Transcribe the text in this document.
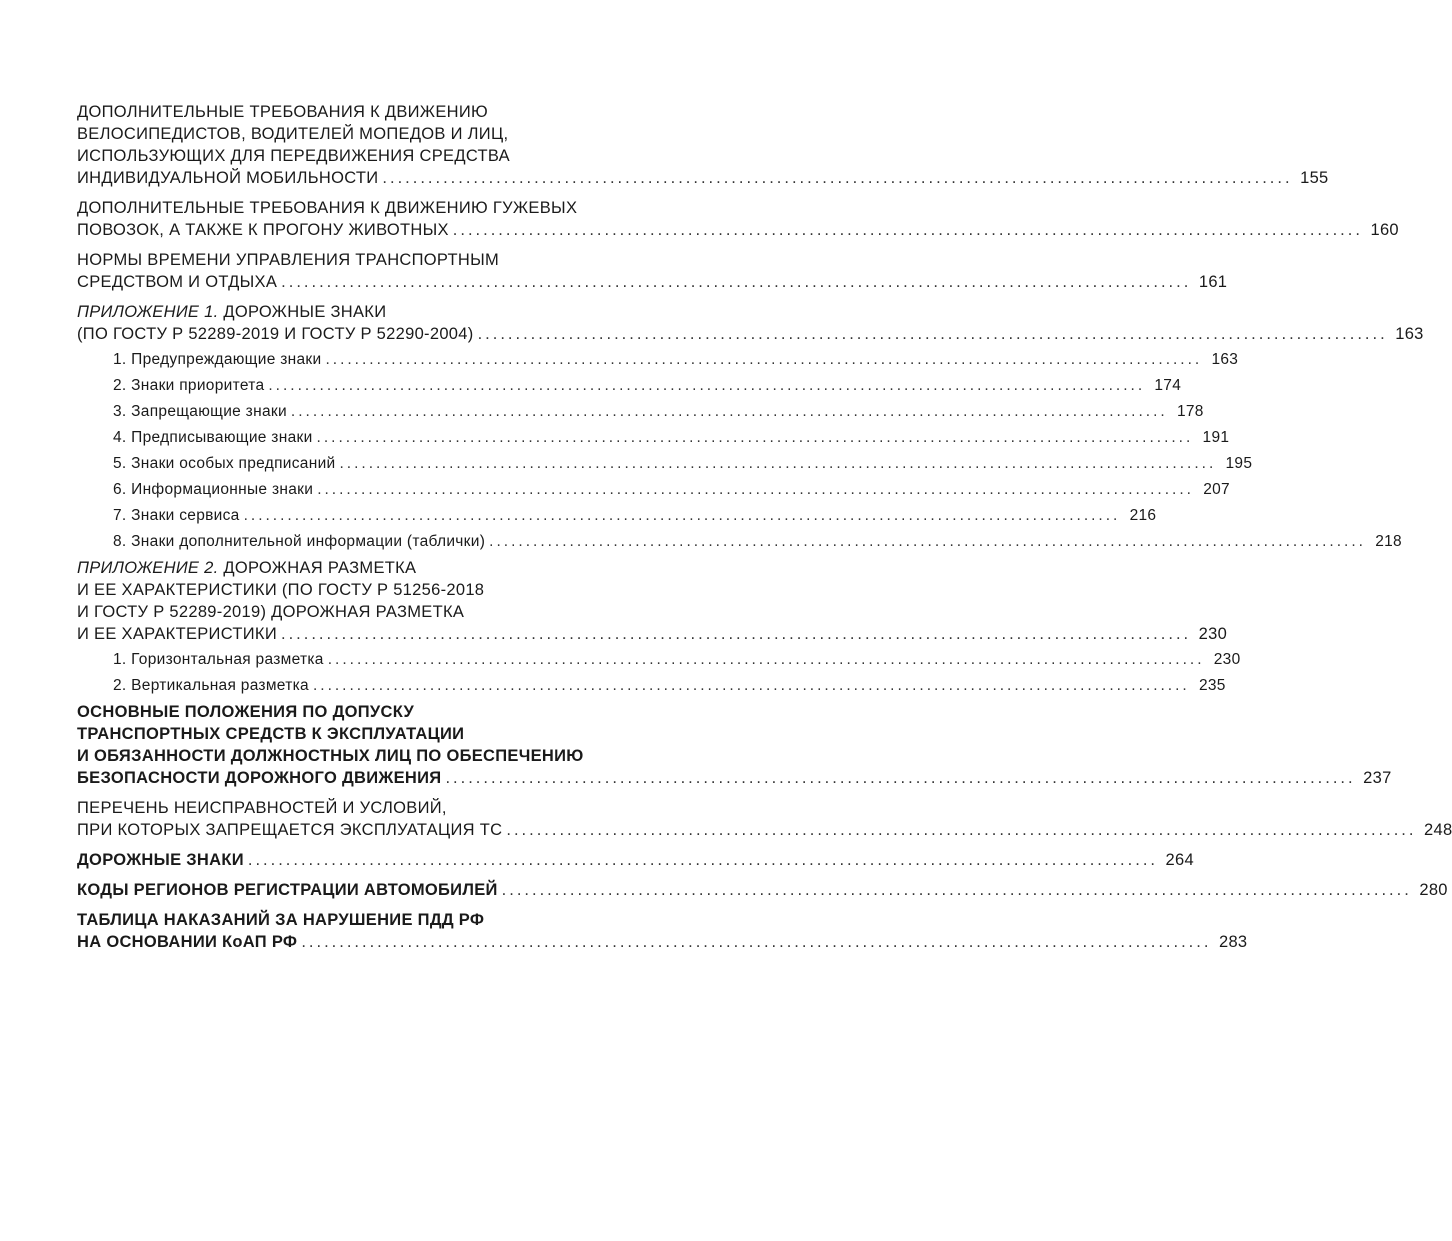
ДОПОЛНИТЕЛЬНЫЕ ТРЕБОВАНИЯ К ДВИЖЕНИЮ
ВЕЛОСИПЕДИСТОВ, ВОДИТЕЛЕЙ МОПЕДОВ И ЛИЦ,
ИСПОЛЬЗУЮЩИХ ДЛЯ ПЕРЕДВИЖЕНИЯ СРЕДСТВА
ИНДИВИДУАЛЬНОЙ МОБИЛЬНОСТИ ........................................................................................................................ 155
ДОПОЛНИТЕЛЬНЫЕ ТРЕБОВАНИЯ К ДВИЖЕНИЮ ГУЖЕВЫХ
ПОВОЗОК, А ТАКЖЕ К ПРОГОНУ ЖИВОТНЫХ ........................................................................................................................ 160
НОРМЫ ВРЕМЕНИ УПРАВЛЕНИЯ ТРАНСПОРТНЫМ
СРЕДСТВОМ И ОТДЫХА ........................................................................................................................ 161
ПРИЛОЖЕНИЕ 1. ДОРОЖНЫЕ ЗНАКИ
(ПО ГОСТУ Р 52289-2019 И ГОСТУ Р 52290-2004) ........................................................................................................................ 163
1. Предупреждающие знаки ........................................................................................................................ 163
2. Знаки приоритета ........................................................................................................................ 174
3. Запрещающие знаки ........................................................................................................................ 178
4. Предписывающие знаки ........................................................................................................................ 191
5. Знаки особых предписаний ........................................................................................................................ 195
6. Информационные знаки ........................................................................................................................ 207
7. Знаки сервиса ........................................................................................................................ 216
8. Знаки дополнительной информации (таблички) ........................................................................................................................ 218
ПРИЛОЖЕНИЕ 2. ДОРОЖНАЯ РАЗМЕТКА
И ЕЕ ХАРАКТЕРИСТИКИ (ПО ГОСТУ Р 51256-2018
И ГОСТУ Р 52289-2019) ДОРОЖНАЯ РАЗМЕТКА
И ЕЕ ХАРАКТЕРИСТИКИ ........................................................................................................................ 230
1. Горизонтальная разметка ........................................................................................................................ 230
2. Вертикальная разметка ........................................................................................................................ 235
ОСНОВНЫЕ ПОЛОЖЕНИЯ ПО ДОПУСКУ
ТРАНСПОРТНЫХ СРЕДСТВ К ЭКСПЛУАТАЦИИ
И ОБЯЗАННОСТИ ДОЛЖНОСТНЫХ ЛИЦ ПО ОБЕСПЕЧЕНИЮ
БЕЗОПАСНОСТИ ДОРОЖНОГО ДВИЖЕНИЯ ........................................................................................................................ 237
ПЕРЕЧЕНЬ НЕИСПРАВНОСТЕЙ И УСЛОВИЙ,
ПРИ КОТОРЫХ ЗАПРЕЩАЕТСЯ ЭКСПЛУАТАЦИЯ ТС ........................................................................................................................ 248
ДОРОЖНЫЕ ЗНАКИ ........................................................................................................................ 264
КОДЫ РЕГИОНОВ РЕГИСТРАЦИИ АВТОМОБИЛЕЙ ........................................................................................................................ 280
ТАБЛИЦА НАКАЗАНИЙ ЗА НАРУШЕНИЕ ПДД РФ
НА ОСНОВАНИИ КоАП РФ ........................................................................................................................ 283
